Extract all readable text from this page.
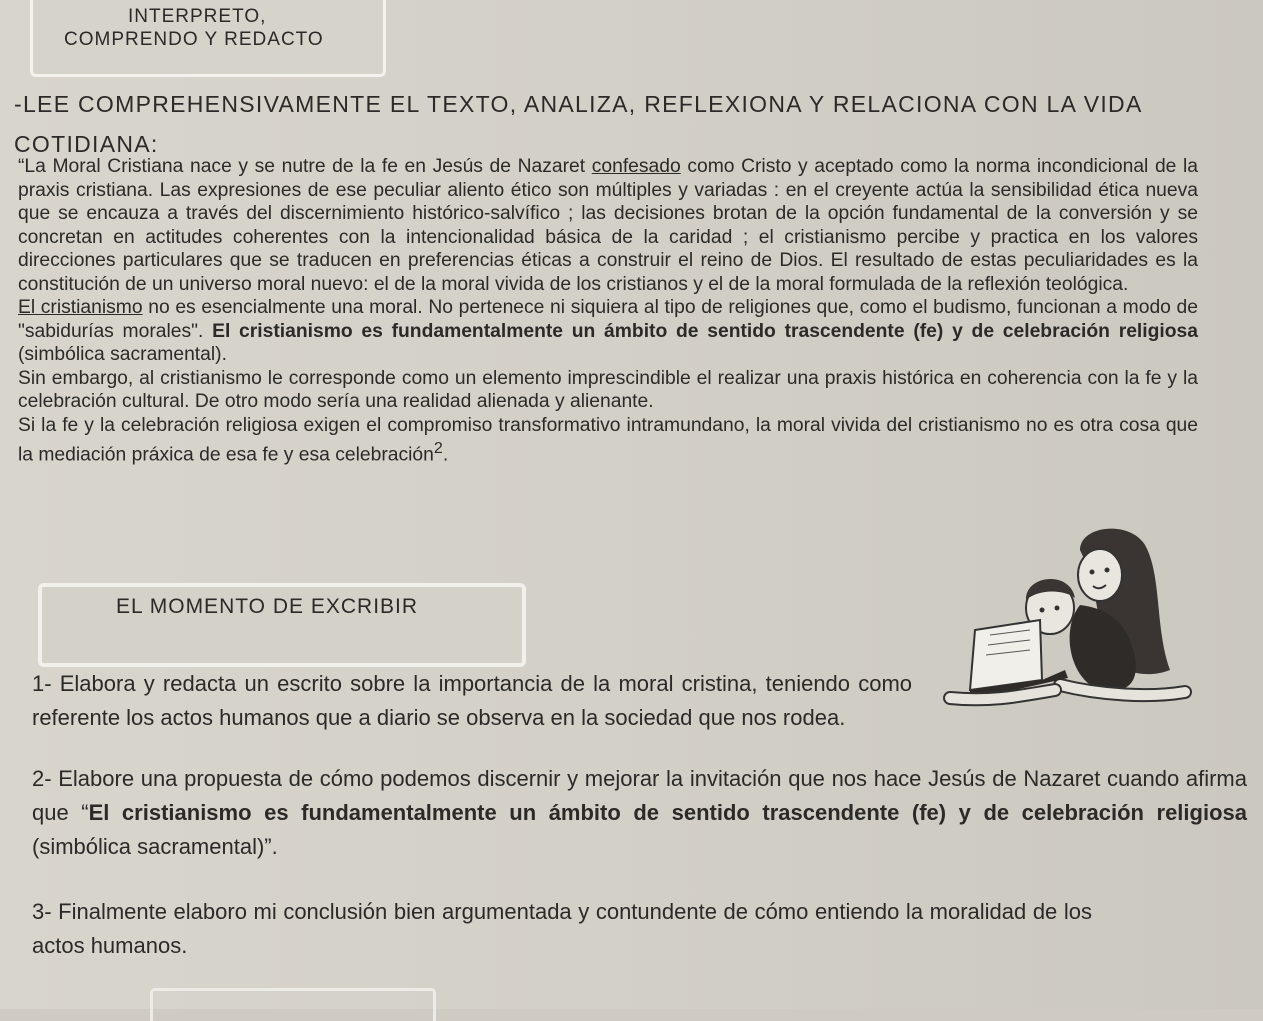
INTERPRETO,
COMPRENDO Y REDACTO
-LEE COMPREHENSIVAMENTE EL TEXTO, ANALIZA, REFLEXIONA Y RELACIONA CON LA VIDA COTIDIANA:

“La Moral Cristiana nace y se nutre de la fe en Jesús de Nazaret confesado como Cristo y aceptado como la norma incondicional de la praxis cristiana. Las expresiones de ese peculiar aliento ético son múltiples y variadas : en el creyente actúa la sensibilidad ética nueva que se encauza a través del discernimiento histórico-salvífico ; las decisiones brotan de la opción fundamental de la conversión y se concretan en actitudes coherentes con la intencionalidad básica de la caridad ; el cristianismo percibe y practica en los valores direcciones particulares que se traducen en preferencias éticas a construir el reino de Dios. El resultado de estas peculiaridades es la constitución de un universo moral nuevo: el de la moral vivida de los cristianos y el de la moral formulada de la reflexión teológica.

El cristianismo no es esencialmente una moral. No pertenece ni siquiera al tipo de religiones que, como el budismo, funcionan a modo de "sabidurías morales". El cristianismo es fundamentalmente un ámbito de sentido trascendente (fe) y de celebración religiosa (simbólica sacramental).

Sin embargo, al cristianismo le corresponde como un elemento imprescindible el realizar una praxis histórica en coherencia con la fe y la celebración cultural. De otro modo sería una realidad alienada y alienante.

Si la fe y la celebración religiosa exigen el compromiso transformativo intramundano, la moral vivida del cristianismo no es otra cosa que la mediación práxica de esa fe y esa celebración$^2$.

EL MOMENTO DE EXCRIBIR
1- Elabora y redacta un escrito sobre la importancia de la moral cristina, teniendo como referente los actos humanos que a diario se observa en la sociedad que nos rodea.
2- Elabore una propuesta de cómo podemos discernir y mejorar la invitación que nos hace Jesús de Nazaret cuando afirma que “El cristianismo es fundamentalmente un ámbito de sentido trascendente (fe) y de celebración religiosa (simbólica sacramental)”.
3- Finalmente elaboro mi conclusión bien argumentada y contundente de cómo entiendo la moralidad de los actos humanos.
